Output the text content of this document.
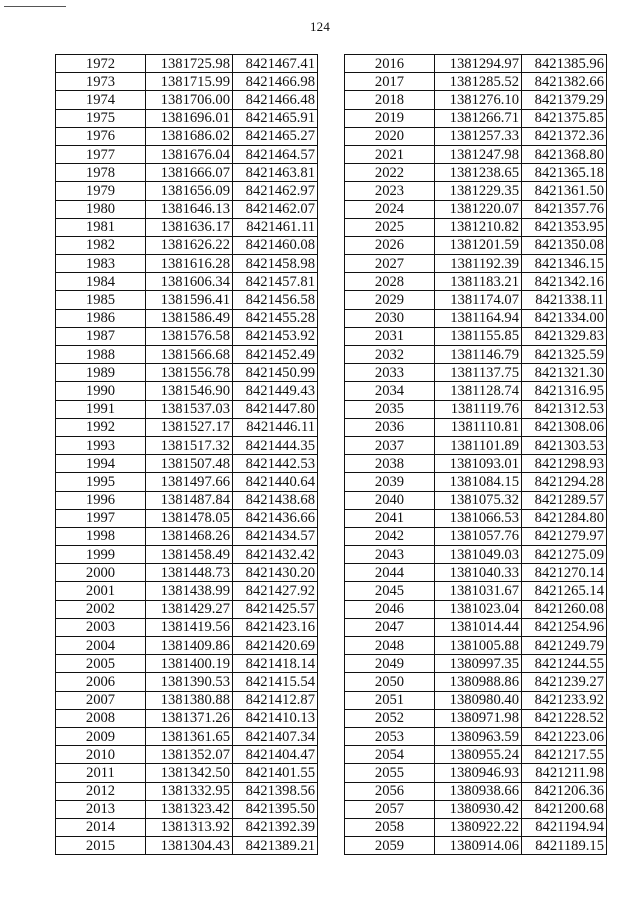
124
1972	1381725.98	8421467.41
1973	1381715.99	8421466.98
1974	1381706.00	8421466.48
1975	1381696.01	8421465.91
1976	1381686.02	8421465.27
1977	1381676.04	8421464.57
1978	1381666.07	8421463.81
1979	1381656.09	8421462.97
1980	1381646.13	8421462.07
1981	1381636.17	8421461.11
1982	1381626.22	8421460.08
1983	1381616.28	8421458.98
1984	1381606.34	8421457.81
1985	1381596.41	8421456.58
1986	1381586.49	8421455.28
1987	1381576.58	8421453.92
1988	1381566.68	8421452.49
1989	1381556.78	8421450.99
1990	1381546.90	8421449.43
1991	1381537.03	8421447.80
1992	1381527.17	8421446.11
1993	1381517.32	8421444.35
1994	1381507.48	8421442.53
1995	1381497.66	8421440.64
1996	1381487.84	8421438.68
1997	1381478.05	8421436.66
1998	1381468.26	8421434.57
1999	1381458.49	8421432.42
2000	1381448.73	8421430.20
2001	1381438.99	8421427.92
2002	1381429.27	8421425.57
2003	1381419.56	8421423.16
2004	1381409.86	8421420.69
2005	1381400.19	8421418.14
2006	1381390.53	8421415.54
2007	1381380.88	8421412.87
2008	1381371.26	8421410.13
2009	1381361.65	8421407.34
2010	1381352.07	8421404.47
2011	1381342.50	8421401.55
2012	1381332.95	8421398.56
2013	1381323.42	8421395.50
2014	1381313.92	8421392.39
2015	1381304.43	8421389.21
2016	1381294.97	8421385.96
2017	1381285.52	8421382.66
2018	1381276.10	8421379.29
2019	1381266.71	8421375.85
2020	1381257.33	8421372.36
2021	1381247.98	8421368.80
2022	1381238.65	8421365.18
2023	1381229.35	8421361.50
2024	1381220.07	8421357.76
2025	1381210.82	8421353.95
2026	1381201.59	8421350.08
2027	1381192.39	8421346.15
2028	1381183.21	8421342.16
2029	1381174.07	8421338.11
2030	1381164.94	8421334.00
2031	1381155.85	8421329.83
2032	1381146.79	8421325.59
2033	1381137.75	8421321.30
2034	1381128.74	8421316.95
2035	1381119.76	8421312.53
2036	1381110.81	8421308.06
2037	1381101.89	8421303.53
2038	1381093.01	8421298.93
2039	1381084.15	8421294.28
2040	1381075.32	8421289.57
2041	1381066.53	8421284.80
2042	1381057.76	8421279.97
2043	1381049.03	8421275.09
2044	1381040.33	8421270.14
2045	1381031.67	8421265.14
2046	1381023.04	8421260.08
2047	1381014.44	8421254.96
2048	1381005.88	8421249.79
2049	1380997.35	8421244.55
2050	1380988.86	8421239.27
2051	1380980.40	8421233.92
2052	1380971.98	8421228.52
2053	1380963.59	8421223.06
2054	1380955.24	8421217.55
2055	1380946.93	8421211.98
2056	1380938.66	8421206.36
2057	1380930.42	8421200.68
2058	1380922.22	8421194.94
2059	1380914.06	8421189.15
